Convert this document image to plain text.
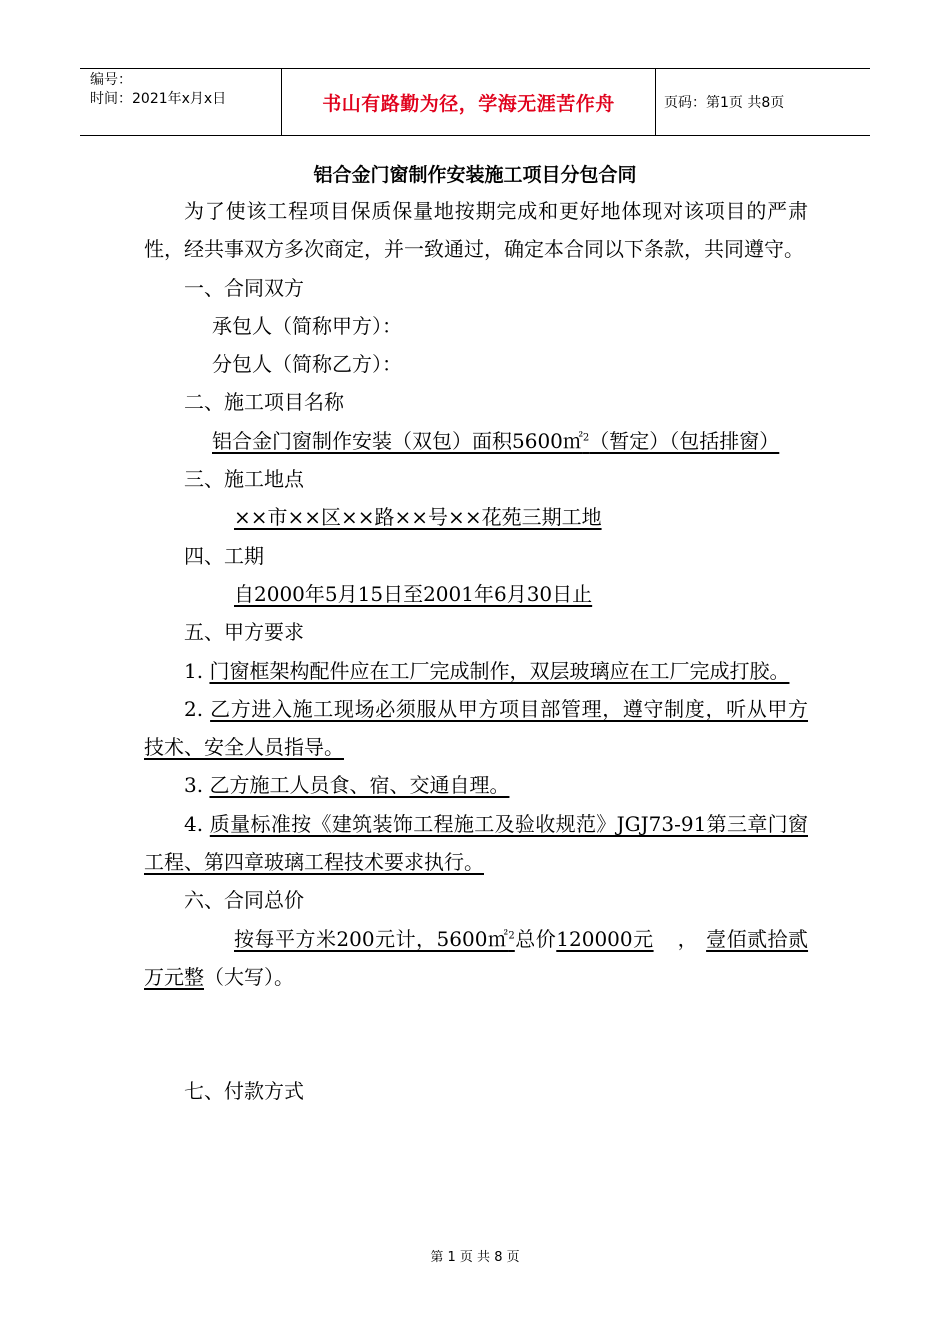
编号：
时间：2021年x月x日	书山有路勤为径，学海无涯苦作舟	页码：第1页 共8页
铝合金门窗制作安装施工项目分包合同

为了使该工程项目保质保量地按期完成和更好地体现对该项目的严肃性，经共事双方多次商定，并一致通过，确定本合同以下条款，共同遵守。

一、合同双方

承包人（简称甲方）：

分包人（简称乙方）：

二、施工项目名称

铝合金门窗制作安装（双包）面积5600㎡$^2$（暂定）（包括排窗）

三、施工地点

××市××区××路××号××花苑三期工地

四、工期

自2000年5月15日至2001年6月30日止

五、甲方要求

1. 门窗框架构配件应在工厂完成制作，双层玻璃应在工厂完成打胶。

2. 乙方进入施工现场必须服从甲方项目部管理，遵守制度，听从甲方技术、安全人员指导。

3. 乙方施工人员食、宿、交通自理。

4. 质量标准按《建筑装饰工程施工及验收规范》JGJ73-91第三章门窗工程、第四章玻璃工程技术要求执行。

六、合同总价

按每平方米200元计，5600㎡$^2$总价120000元 ， 壹佰贰拾贰万元整（大写）。

七、付款方式

第 1 页 共 8 页
